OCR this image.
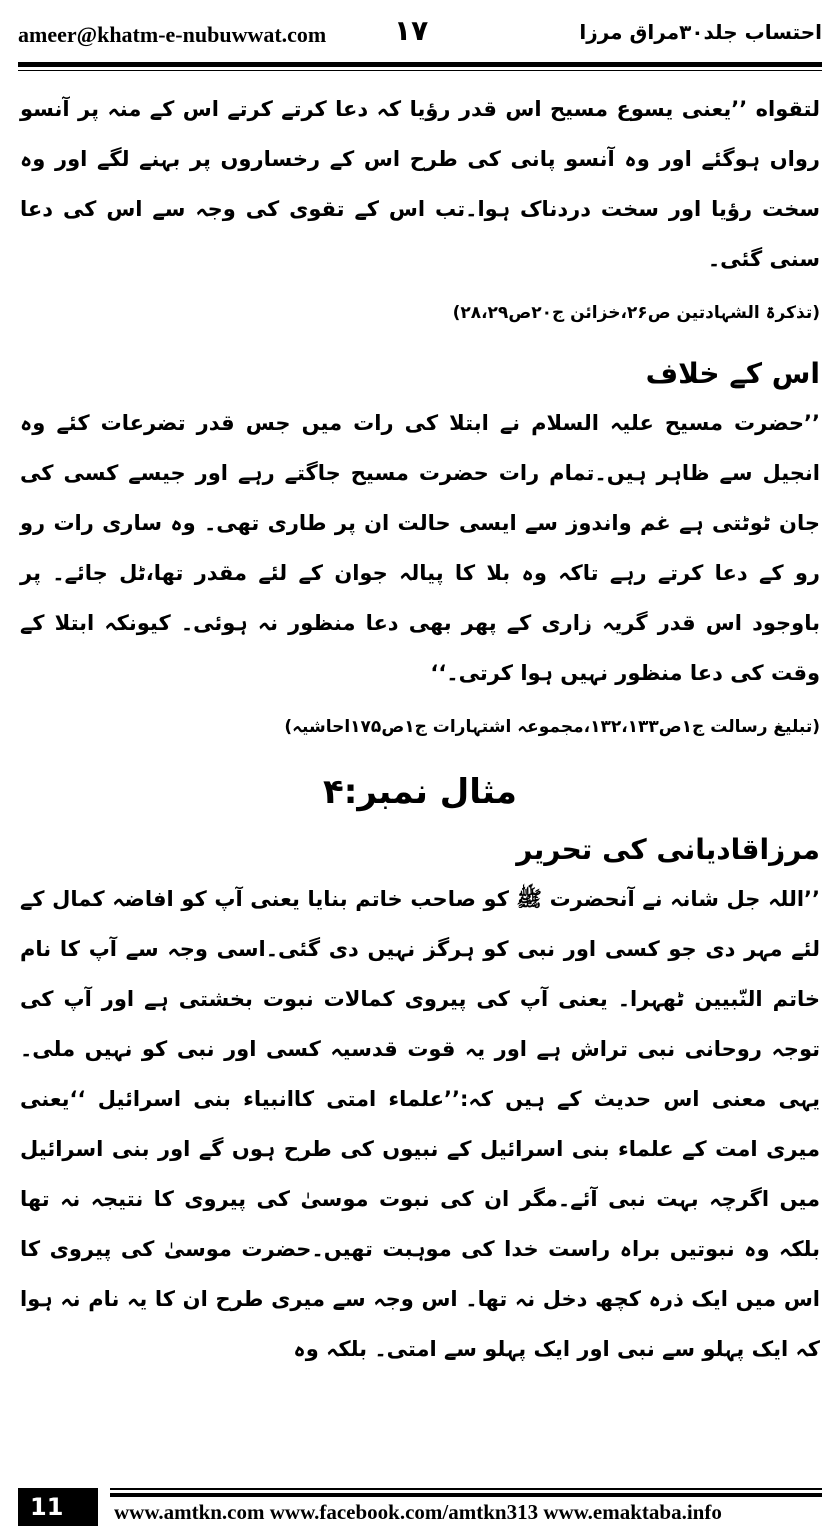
ameer@khatm-e-nubuwwat.com ۱۷	احتساب جلد۳۰مراق مرزا

لتقواه ’’یعنی یسوع مسیح اس قدر رؤیا کہ دعا کرتے کرتے اس کے منہ پر آنسو رواں ہوگئے اور وہ آنسو پانی کی طرح اس کے رخساروں پر بہنے لگے اور وہ سخت رؤیا اور سخت دردناک ہوا۔تب اس کے تقوی کی وجہ سے اس کی دعا سنی گئی۔

(تذکرۃ الشہادتین ص۲۶،خزائن ج۲۰ص۲۸،۲۹)
اس کے خلاف

’’حضرت مسیح علیہ السلام نے ابتلا کی رات میں جس قدر تضرعات کئے وہ انجیل سے ظاہر ہیں۔تمام رات حضرت مسیح جاگتے رہے اور جیسے کسی کی جان ٹوٹتی ہے غم واندوز سے ایسی حالت ان پر طاری تھی۔ وہ ساری رات رو رو کے دعا کرتے رہے تاکہ وہ بلا کا پیالہ جوان کے لئے مقدر تھا،ٹل جائے۔ پر باوجود اس قدر گریہ زاری کے پھر بھی دعا منظور نہ ہوئی۔ کیونکہ ابتلا کے وقت کی دعا منظور نہیں ہوا کرتی۔‘‘

(تبلیغ رسالت ج۱ص۱۳۲،۱۳۳،مجموعہ اشتہارات ج۱ص۱۷۵احاشیہ)
مثال نمبر:۴
مرزاقادیانی کی تحریر

’’اللہ جل شانہ نے آنحضرت ﷺ کو صاحب خاتم بنایا یعنی آپ کو افاضہ کمال کے لئے مہر دی جو کسی اور نبی کو ہرگز نہیں دی گئی۔اسی وجہ سے آپ کا نام خاتم النّبیین ٹھہرا۔ یعنی آپ کی پیروی کمالات نبوت بخشتی ہے اور آپ کی توجہ روحانی نبی تراش ہے اور یہ قوت قدسیہ کسی اور نبی کو نہیں ملی۔یہی معنی اس حدیث کے ہیں کہ:’’علماء امتی کاانبیاء بنی اسرائیل ‘‘یعنی میری امت کے علماء بنی اسرائیل کے نبیوں کی طرح ہوں گے اور بنی اسرائیل میں اگرچہ بہت نبی آئے۔مگر ان کی نبوت موسیٰ کی پیروی کا نتیجہ نہ تھا بلکہ وہ نبوتیں براہ راست خدا کی موہبت تھیں۔حضرت موسیٰ کی پیروی کا اس میں ایک ذرہ کچھ دخل نہ تھا۔ اس وجہ سے میری طرح ان کا یہ نام نہ ہوا کہ ایک پہلو سے نبی اور ایک پہلو سے امتی۔ بلکہ وہ

11	www.amtkn.com www.facebook.com/amtkn313 www.emaktaba.info
